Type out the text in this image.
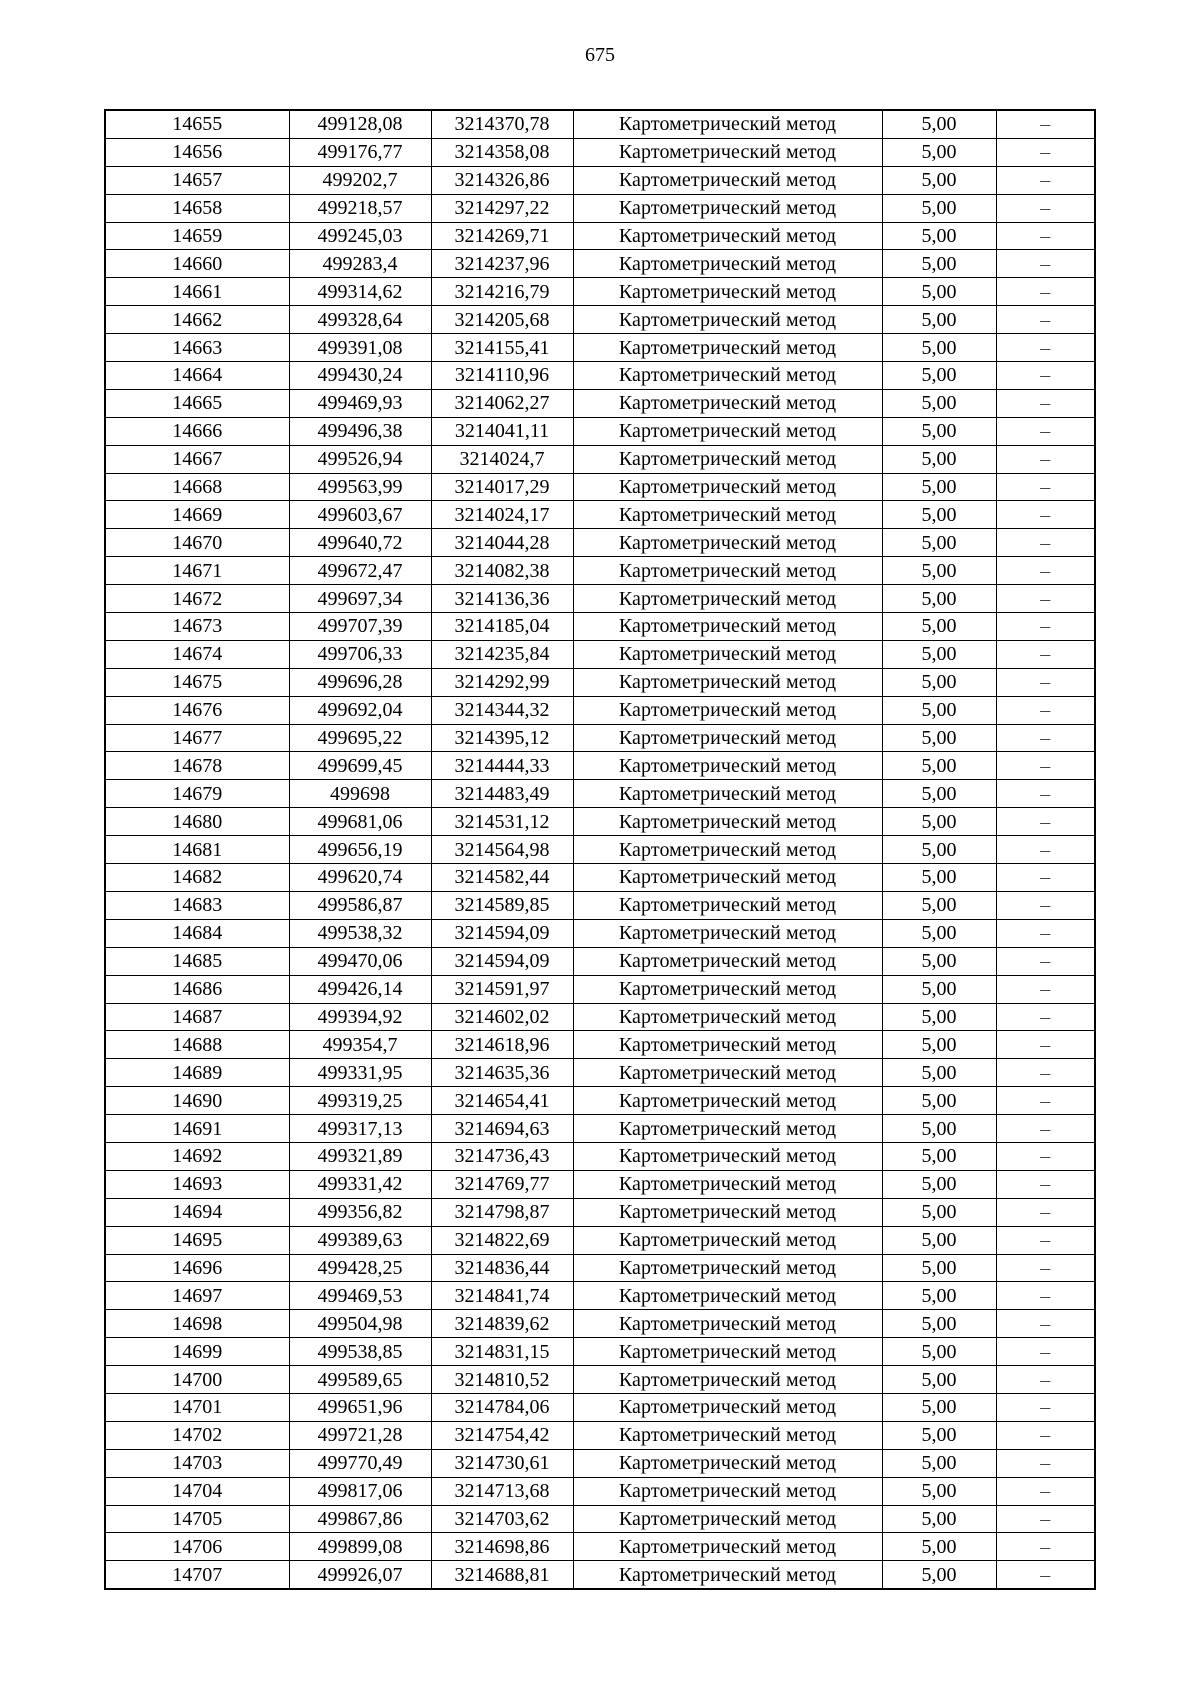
675
14655	499128,08	3214370,78	Картометрический метод	5,00	–
14656	499176,77	3214358,08	Картометрический метод	5,00	–
14657	499202,7	3214326,86	Картометрический метод	5,00	–
14658	499218,57	3214297,22	Картометрический метод	5,00	–
14659	499245,03	3214269,71	Картометрический метод	5,00	–
14660	499283,4	3214237,96	Картометрический метод	5,00	–
14661	499314,62	3214216,79	Картометрический метод	5,00	–
14662	499328,64	3214205,68	Картометрический метод	5,00	–
14663	499391,08	3214155,41	Картометрический метод	5,00	–
14664	499430,24	3214110,96	Картометрический метод	5,00	–
14665	499469,93	3214062,27	Картометрический метод	5,00	–
14666	499496,38	3214041,11	Картометрический метод	5,00	–
14667	499526,94	3214024,7	Картометрический метод	5,00	–
14668	499563,99	3214017,29	Картометрический метод	5,00	–
14669	499603,67	3214024,17	Картометрический метод	5,00	–
14670	499640,72	3214044,28	Картометрический метод	5,00	–
14671	499672,47	3214082,38	Картометрический метод	5,00	–
14672	499697,34	3214136,36	Картометрический метод	5,00	–
14673	499707,39	3214185,04	Картометрический метод	5,00	–
14674	499706,33	3214235,84	Картометрический метод	5,00	–
14675	499696,28	3214292,99	Картометрический метод	5,00	–
14676	499692,04	3214344,32	Картометрический метод	5,00	–
14677	499695,22	3214395,12	Картометрический метод	5,00	–
14678	499699,45	3214444,33	Картометрический метод	5,00	–
14679	499698	3214483,49	Картометрический метод	5,00	–
14680	499681,06	3214531,12	Картометрический метод	5,00	–
14681	499656,19	3214564,98	Картометрический метод	5,00	–
14682	499620,74	3214582,44	Картометрический метод	5,00	–
14683	499586,87	3214589,85	Картометрический метод	5,00	–
14684	499538,32	3214594,09	Картометрический метод	5,00	–
14685	499470,06	3214594,09	Картометрический метод	5,00	–
14686	499426,14	3214591,97	Картометрический метод	5,00	–
14687	499394,92	3214602,02	Картометрический метод	5,00	–
14688	499354,7	3214618,96	Картометрический метод	5,00	–
14689	499331,95	3214635,36	Картометрический метод	5,00	–
14690	499319,25	3214654,41	Картометрический метод	5,00	–
14691	499317,13	3214694,63	Картометрический метод	5,00	–
14692	499321,89	3214736,43	Картометрический метод	5,00	–
14693	499331,42	3214769,77	Картометрический метод	5,00	–
14694	499356,82	3214798,87	Картометрический метод	5,00	–
14695	499389,63	3214822,69	Картометрический метод	5,00	–
14696	499428,25	3214836,44	Картометрический метод	5,00	–
14697	499469,53	3214841,74	Картометрический метод	5,00	–
14698	499504,98	3214839,62	Картометрический метод	5,00	–
14699	499538,85	3214831,15	Картометрический метод	5,00	–
14700	499589,65	3214810,52	Картометрический метод	5,00	–
14701	499651,96	3214784,06	Картометрический метод	5,00	–
14702	499721,28	3214754,42	Картометрический метод	5,00	–
14703	499770,49	3214730,61	Картометрический метод	5,00	–
14704	499817,06	3214713,68	Картометрический метод	5,00	–
14705	499867,86	3214703,62	Картометрический метод	5,00	–
14706	499899,08	3214698,86	Картометрический метод	5,00	–
14707	499926,07	3214688,81	Картометрический метод	5,00	–
